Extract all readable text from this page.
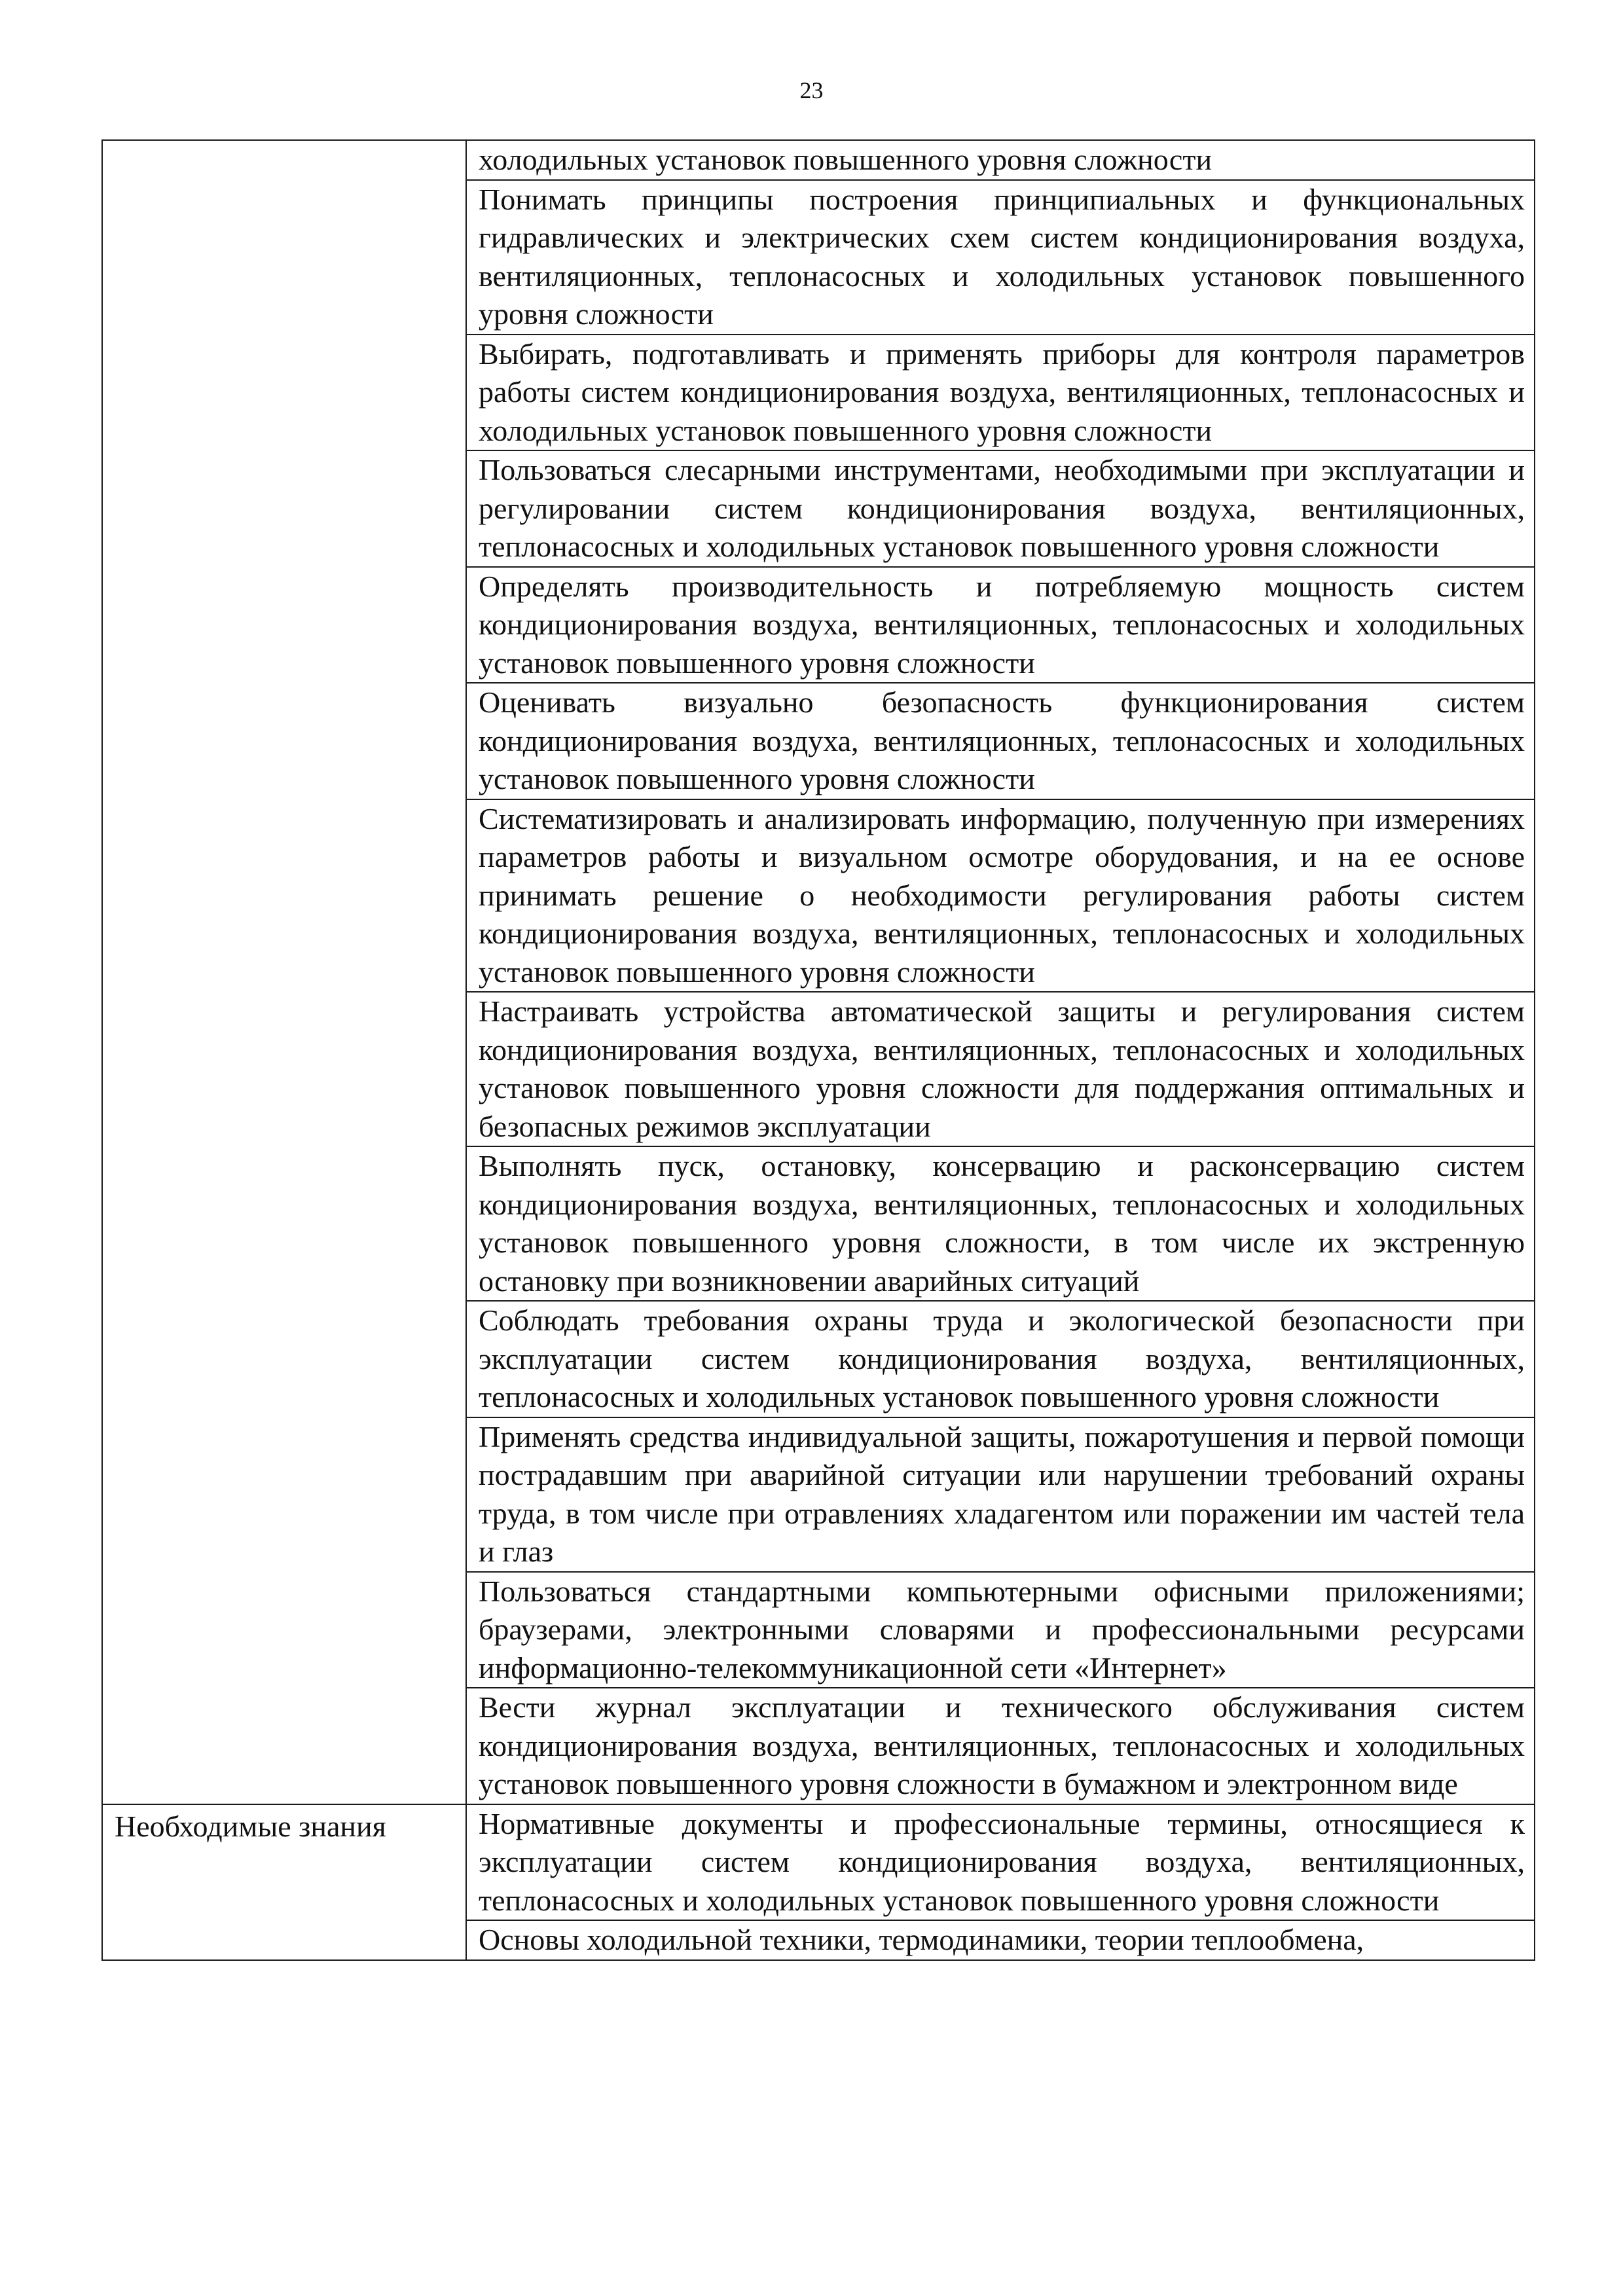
23
	холодильных установок повышенного уровня сложности
	Понимать принципы построения принципиальных и функциональных гидравлических и электрических схем систем кондиционирования воздуха, вентиляционных, теплонасосных и холодильных установок повышенного уровня сложности
	Выбирать, подготавливать и применять приборы для контроля параметров работы систем кондиционирования воздуха, вентиляционных, теплонасосных и холодильных установок повышенного уровня сложности
	Пользоваться слесарными инструментами, необходимыми при эксплуатации и регулировании систем кондиционирования воздуха, вентиляционных, теплонасосных и холодильных установок повышенного уровня сложности
	Определять производительность и потребляемую мощность систем кондиционирования воздуха, вентиляционных, теплонасосных и холодильных установок повышенного уровня сложности
	Оценивать визуально безопасность функционирования систем кондиционирования воздуха, вентиляционных, теплонасосных и холодильных установок повышенного уровня сложности
	Систематизировать и анализировать информацию, полученную при измерениях параметров работы и визуальном осмотре оборудования, и на ее основе принимать решение о необходимости регулирования работы систем кондиционирования воздуха, вентиляционных, теплонасосных и холодильных установок повышенного уровня сложности
	Настраивать устройства автоматической защиты и регулирования систем кондиционирования воздуха, вентиляционных, теплонасосных и холодильных установок повышенного уровня сложности для поддержания оптимальных и безопасных режимов эксплуатации
	Выполнять пуск, остановку, консервацию и расконсервацию систем кондиционирования воздуха, вентиляционных, теплонасосных и холодильных установок повышенного уровня сложности, в том числе их экстренную остановку при возникновении аварийных ситуаций
	Соблюдать требования охраны труда и экологической безопасности при эксплуатации систем кондиционирования воздуха, вентиляционных, теплонасосных и холодильных установок повышенного уровня сложности
	Применять средства индивидуальной защиты, пожаротушения и первой помощи пострадавшим при аварийной ситуации или нарушении требований охраны труда, в том числе при отравлениях хладагентом или поражении им частей тела и глаз
	Пользоваться стандартными компьютерными офисными приложениями; браузерами, электронными словарями и профессиональными ресурсами информационно-телекоммуникационной сети «Интернет»
	Вести журнал эксплуатации и технического обслуживания систем кондиционирования воздуха, вентиляционных, теплонасосных и холодильных установок повышенного уровня сложности в бумажном и электронном виде
Необходимые знания	Нормативные документы и профессиональные термины, относящиеся к эксплуатации систем кондиционирования воздуха, вентиляционных, теплонасосных и холодильных установок повышенного уровня сложности
	Основы холодильной техники, термодинамики, теории теплообмена,
